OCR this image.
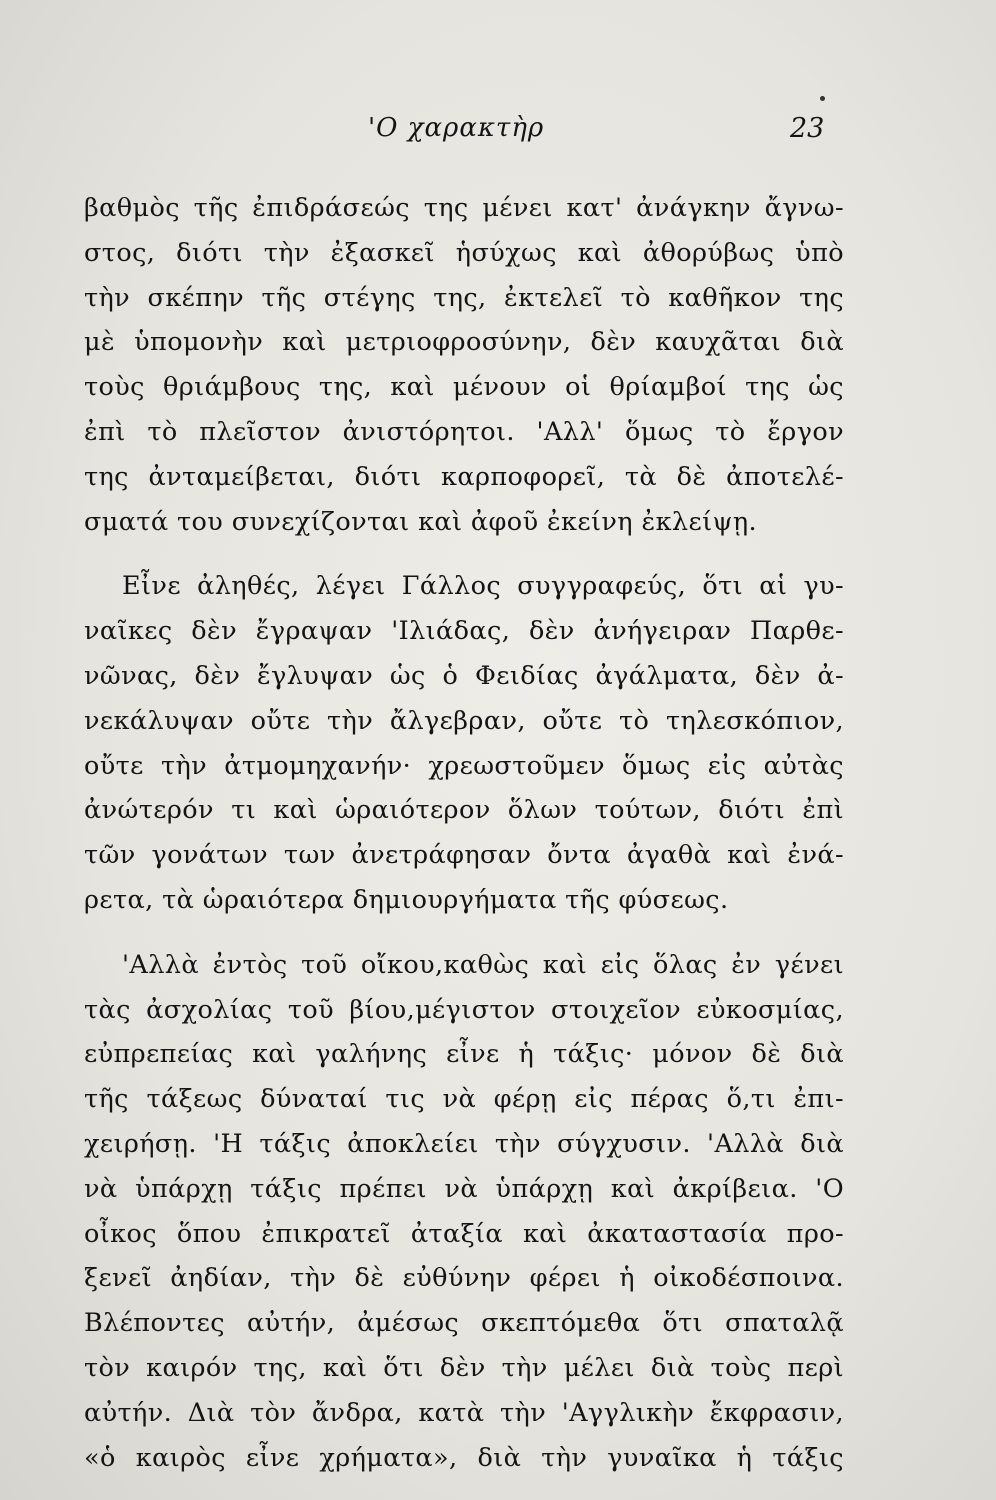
'Ο χαρακτὴρ	23
βαθμὸς τῆς ἐπιδράσεώς της μένει κατ' ἀνάγκην ἄγνω-
στος, διότι τὴν ἐξασκεῖ ἡσύχως καὶ ἀθορύβως ὑπὸ
τὴν σκέπην τῆς στέγης της, ἐκτελεῖ τὸ καθῆκον της
μὲ ὑπομονὴν καὶ μετριοφροσύνην, δὲν καυχᾶται διὰ
τοὺς θριάμβους της, καὶ μένουν οἱ θρίαμβοί της ὡς
ἐπὶ τὸ πλεῖστον ἀνιστόρητοι. 'Αλλ' ὅμως τὸ ἔργον
της ἀνταμείβεται, διότι καρποφορεῖ, τὰ δὲ ἀποτελέ-
σματά του συνεχίζονται καὶ ἀφοῦ ἐκείνη ἐκλείψῃ.
Εἶνε ἀληθές, λέγει Γάλλος συγγραφεύς, ὅτι αἱ γυ-
ναῖκες δὲν ἔγραψαν 'Ιλιάδας, δὲν ἀνήγειραν Παρθε-
νῶνας, δὲν ἔγλυψαν ὡς ὁ Φειδίας ἀγάλματα, δὲν ἀ-
νεκάλυψαν οὔτε τὴν ἄλγεβραν, οὔτε τὸ τηλεσκόπιον,
οὔτε τὴν ἀτμομηχανήν· χρεωστοῦμεν ὅμως εἰς αὐτὰς
ἀνώτερόν τι καὶ ὡραιότερον ὅλων τούτων, διότι ἐπὶ
τῶν γονάτων των ἀνετράφησαν ὄντα ἀγαθὰ καὶ ἐνά-
ρετα, τὰ ὡραιότερα δημιουργήματα τῆς φύσεως.
'Αλλὰ ἐντὸς τοῦ οἴκου,καθὼς καὶ εἰς ὅλας ἐν γένει
τὰς ἀσχολίας τοῦ βίου,μέγιστον στοιχεῖον εὐκοσμίας,
εὐπρεπείας καὶ γαλήνης εἶνε ἡ τάξις· μόνον δὲ διὰ
τῆς τάξεως δύναταί τις νὰ φέρῃ εἰς πέρας ὅ,τι ἐπι-
χειρήσῃ. 'Η τάξις ἀποκλείει τὴν σύγχυσιν. 'Αλλὰ διὰ
νὰ ὑπάρχῃ τάξις πρέπει νὰ ὑπάρχῃ καὶ ἀκρίβεια. 'Ο
οἶκος ὅπου ἐπικρατεῖ ἀταξία καὶ ἀκαταστασία προ-
ξενεῖ ἀηδίαν, τὴν δὲ εὐθύνην φέρει ἡ οἰκοδέσποινα.
Βλέποντες αὐτήν, ἀμέσως σκεπτόμεθα ὅτι σπαταλᾷ
τὸν καιρόν της, καὶ ὅτι δὲν τὴν μέλει διὰ τοὺς περὶ
αὐτήν. Διὰ τὸν ἄνδρα, κατὰ τὴν 'Αγγλικὴν ἔκφρασιν,
«ὁ καιρὸς εἶνε χρήματα», διὰ τὴν γυναῖκα ἡ τάξις
